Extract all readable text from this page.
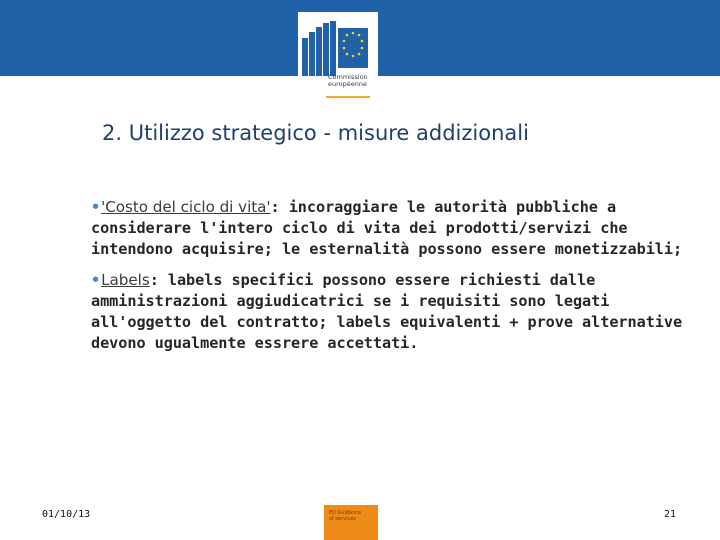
Commission
européenne
2. Utilizzo strategico - misure addizionali

•'Costo del ciclo di vita': incoraggiare le autorità pubbliche a considerare l'intero ciclo di vita dei prodotti/servizi che intendono acquisire; le esternalità possono essere monetizzabili;

•Labels: labels specifici possono essere richiesti dalle amministrazioni aggiudicatrici se i requisiti sono legati all'oggetto del contratto; labels equivalenti + prove alternative devono ugualmente essrere accettati.

01/10/13	EU Guidance
of services	21
